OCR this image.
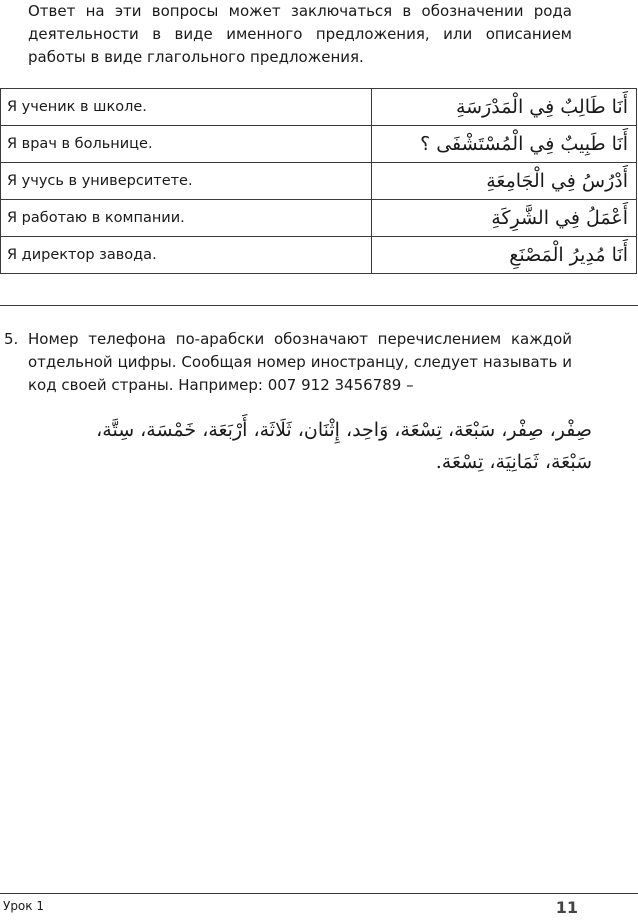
Ответ на эти вопросы может заключаться в обозначении рода деятельности в виде именного предложения, или описанием работы в виде глагольного предложения.

Я ученик в школе.	أَنَا طَالِبٌ فِي الْمَدْرَسَةِ
Я врач в больнице.	أَنَا طَبِيبٌ فِي الْمُسْتَشْفَى ؟
Я учусь в университете.	أَدْرُسُ فِي الْجَامِعَةِ
Я работаю в компании.	أَعْمَلُ فِي الشَّرِكَةِ
Я директор завода.	أَنَا مُدِيرُ الْمَصْنَعِ
5. Номер телефона по-арабски обозначают перечислением каждой отдельной цифры. Сообщая номер иностранцу, следует называть и код своей страны. Например: 007 912 3456789 –

صِفْر، صِفْر، سَبْعَة، تِسْعَة، وَاحِد، إِثْنَان، ثَلَاثَة، أَرْبَعَة، خَمْسَة، سِتَّة، سَبْعَة، ثَمَانِيَة، تِسْعَة.

Урок 1	11
